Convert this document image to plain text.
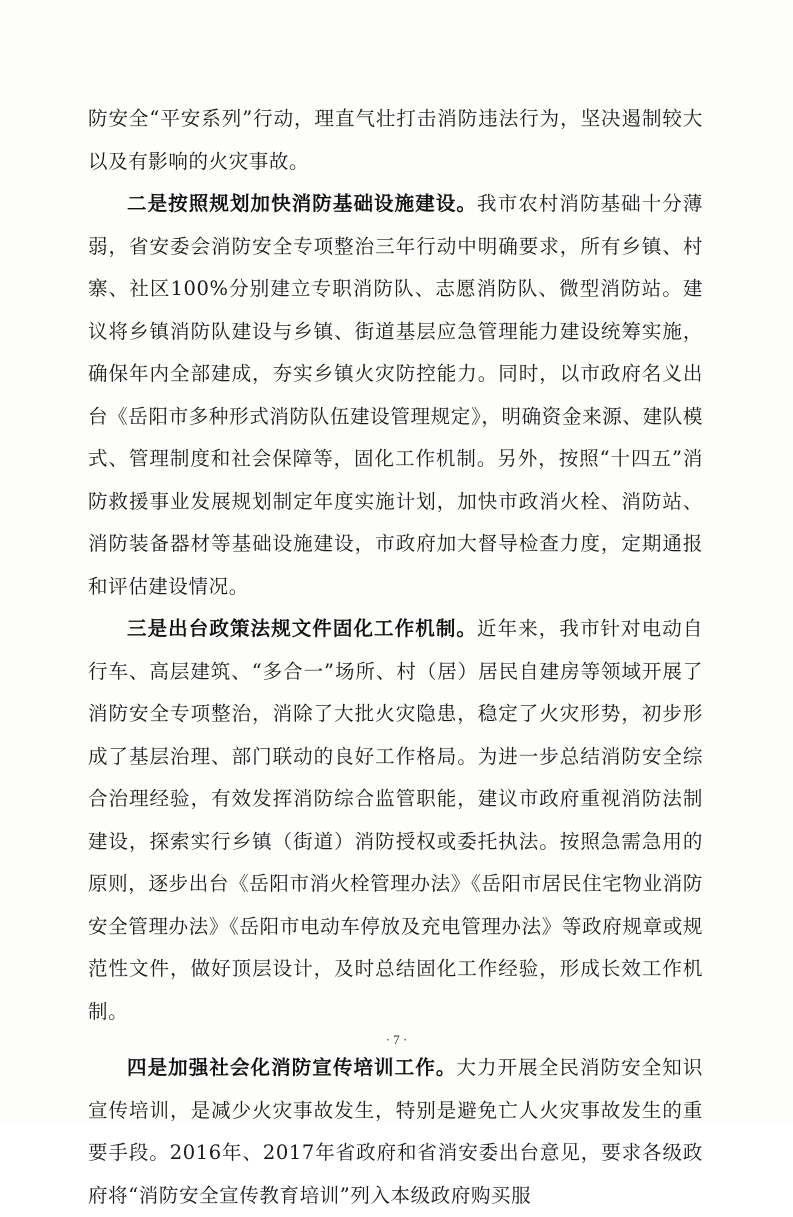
防安全“平安系列”行动，理直气壮打击消防违法行为，坚决遏制较大以及有影响的火灾事故。

二是按照规划加快消防基础设施建设。我市农村消防基础十分薄弱，省安委会消防安全专项整治三年行动中明确要求，所有乡镇、村寨、社区100%分别建立专职消防队、志愿消防队、微型消防站。建议将乡镇消防队建设与乡镇、街道基层应急管理能力建设统筹实施，确保年内全部建成，夯实乡镇火灾防控能力。同时，以市政府名义出台《岳阳市多种形式消防队伍建设管理规定》，明确资金来源、建队模式、管理制度和社会保障等，固化工作机制。另外，按照“十四五”消防救援事业发展规划制定年度实施计划，加快市政消火栓、消防站、消防装备器材等基础设施建设，市政府加大督导检查力度，定期通报和评估建设情况。

三是出台政策法规文件固化工作机制。近年来，我市针对电动自行车、高层建筑、“多合一”场所、村（居）居民自建房等领域开展了消防安全专项整治，消除了大批火灾隐患，稳定了火灾形势，初步形成了基层治理、部门联动的良好工作格局。为进一步总结消防安全综合治理经验，有效发挥消防综合监管职能，建议市政府重视消防法制建设，探索实行乡镇（街道）消防授权或委托执法。按照急需急用的原则，逐步出台《岳阳市消火栓管理办法》《岳阳市居民住宅物业消防安全管理办法》《岳阳市电动车停放及充电管理办法》等政府规章或规范性文件，做好顶层设计，及时总结固化工作经验，形成长效工作机制。

四是加强社会化消防宣传培训工作。大力开展全民消防安全知识宣传培训，是减少火灾事故发生，特别是避免亡人火灾事故发生的重要手段。2016年、2017年省政府和省消安委出台意见，要求各级政府将“消防安全宣传教育培训”列入本级政府购买服

· 7 ·
